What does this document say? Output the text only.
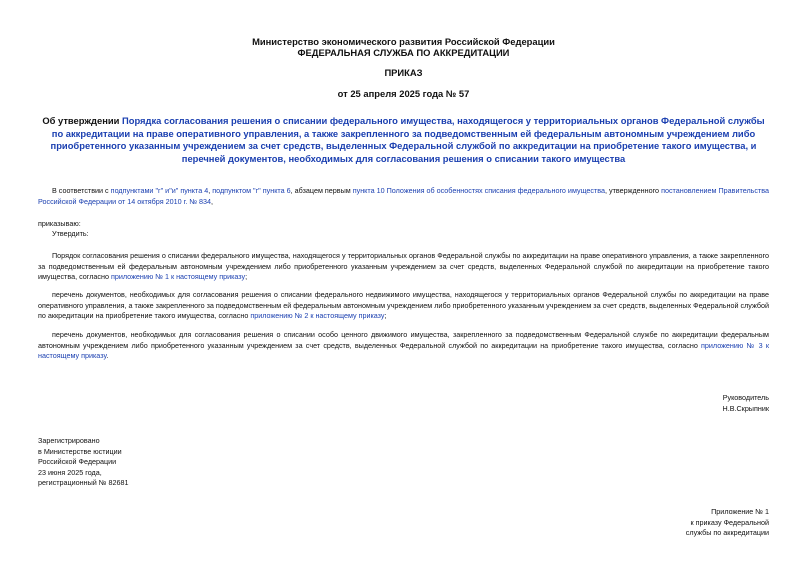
Министерство экономического развития Российской Федерации
ФЕДЕРАЛЬНАЯ СЛУЖБА ПО АККРЕДИТАЦИИ
ПРИКАЗ
от 25 апреля 2025 года № 57
Об утверждении Порядка согласования решения о списании федерального имущества, находящегося у территориальных органов Федеральной службы по аккредитации на праве оперативного управления, а также закрепленного за подведомственным ей федеральным автономным учреждением либо приобретенного указанным учреждением за счет средств, выделенных Федеральной службой по аккредитации на приобретение такого имущества, и перечней документов, необходимых для согласования решения о списании такого имущества
В соответствии с подпунктами "г" и"и" пункта 4, подпунктом "г" пункта 6, абзацем первым пункта 10 Положения об особенностях списания федерального имущества, утвержденного постановлением Правительства Российской Федерации от 14 октября 2010 г. № 834,
приказываю:
Утвердить:
Порядок согласования решения о списании федерального имущества, находящегося у территориальных органов Федеральной службы по аккредитации на праве оперативного управления, а также закрепленного за подведомственным ей федеральным автономным учреждением либо приобретенного указанным учреждением за счет средств, выделенных Федеральной службой по аккредитации на приобретение такого имущества, согласно приложению № 1 к настоящему приказу;
перечень документов, необходимых для согласования решения о списании федерального недвижимого имущества, находящегося у территориальных органов Федеральной службы по аккредитации на праве оперативного управления, а также закрепленного за подведомственным ей федеральным автономным учреждением либо приобретенного указанным учреждением за счет средств, выделенных Федеральной службой по аккредитации на приобретение такого имущества, согласно приложению № 2 к настоящему приказу;
перечень документов, необходимых для согласования решения о списании особо ценного движимого имущества, закрепленного за подведомственным Федеральной службе по аккредитации федеральным автономным учреждением либо приобретенного указанным учреждением за счет средств, выделенных Федеральной службой по аккредитации на приобретение такого имущества, согласно приложению № 3 к настоящему приказу.
Руководитель
Н.В.Скрыпник
Зарегистрировано
в Министерстве юстиции
Российской Федерации
23 июня 2025 года,
регистрационный № 82681
Приложение № 1
к приказу Федеральной
службы по аккредитации
